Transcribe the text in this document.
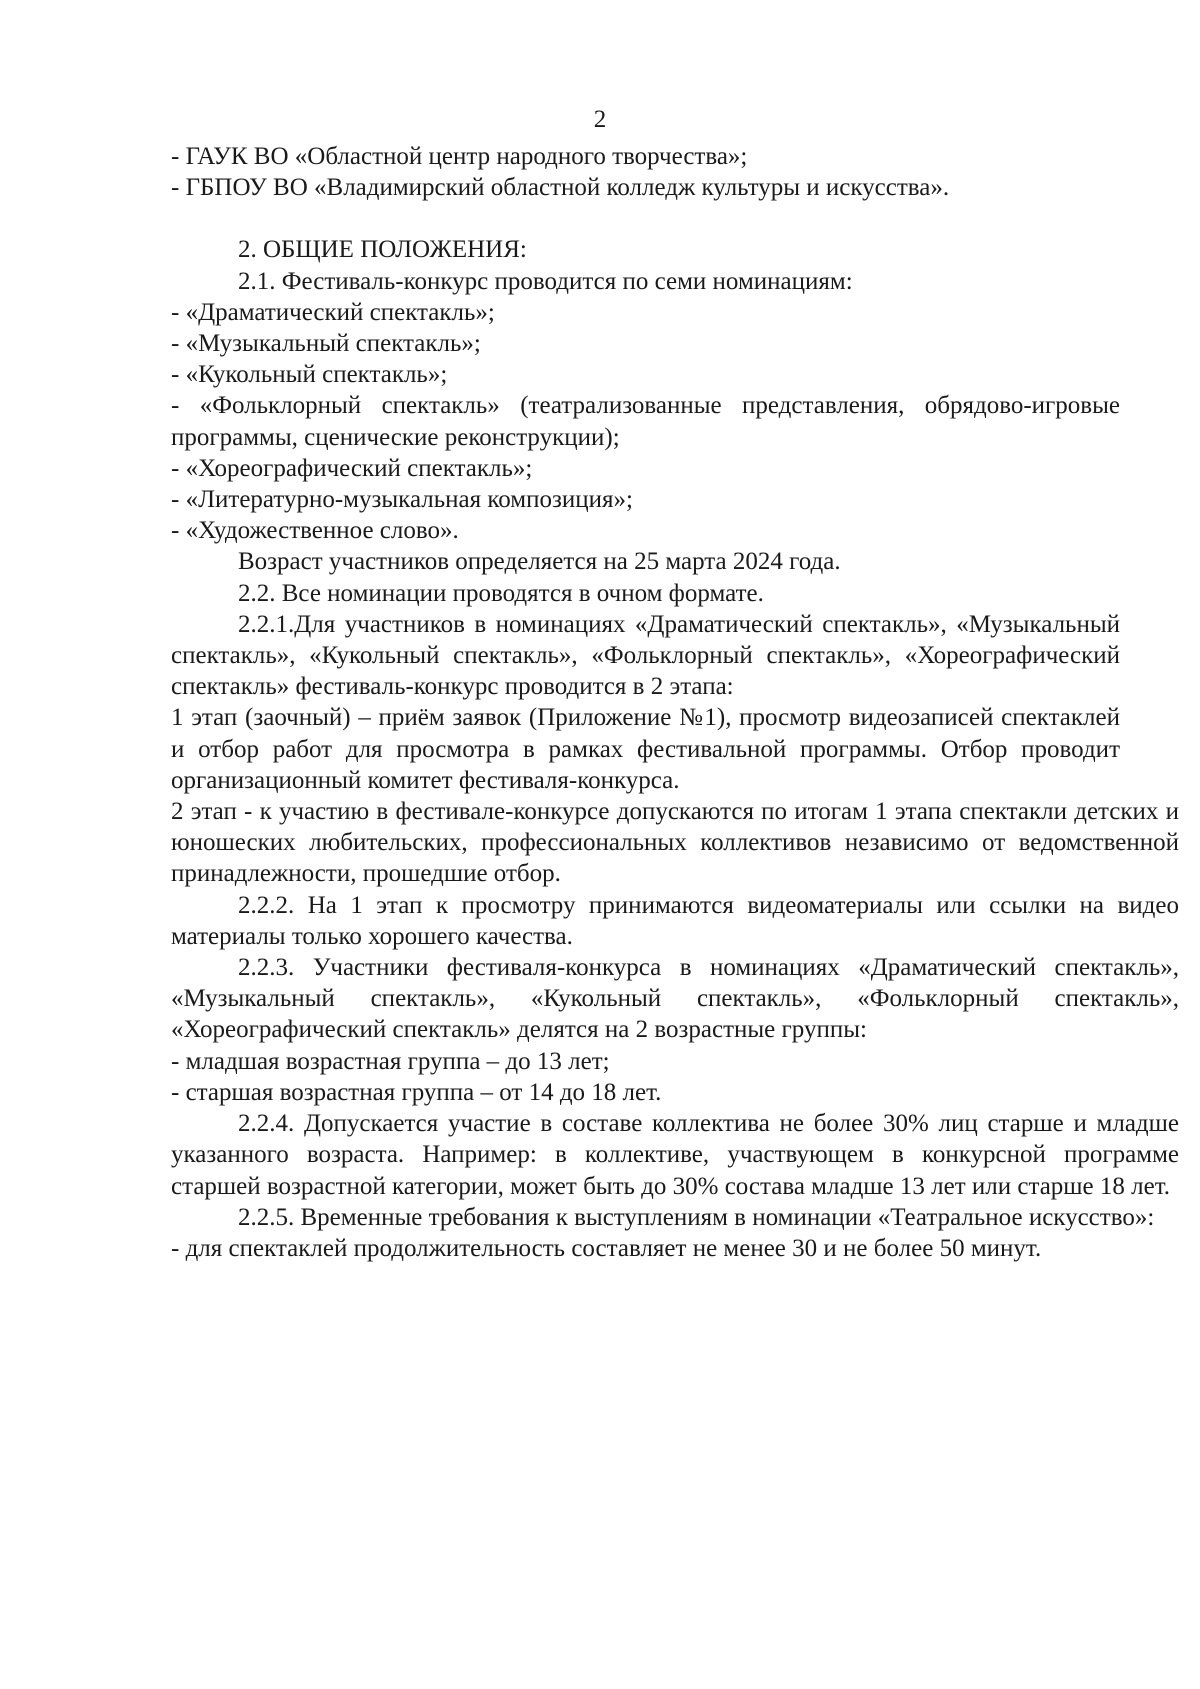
2

- ГАУК ВО «Областной центр народного творчества»;

- ГБПОУ ВО «Владимирский областной колледж культуры и искусства».

2. ОБЩИЕ ПОЛОЖЕНИЯ:

2.1. Фестиваль-конкурс проводится по семи номинациям:

- «Драматический спектакль»;

- «Музыкальный спектакль»;

- «Кукольный спектакль»;

- «Фольклорный спектакль» (театрализованные представления, обрядово-игровые программы, сценические реконструкции);

- «Хореографический спектакль»;

- «Литературно-музыкальная композиция»;

- «Художественное слово».

Возраст участников определяется на 25 марта 2024 года.

2.2. Все номинации проводятся в очном формате.

2.2.1.Для участников в номинациях «Драматический спектакль», «Музыкальный спектакль», «Кукольный спектакль», «Фольклорный спектакль», «Хореографический спектакль» фестиваль-конкурс проводится в 2 этапа:

1 этап (заочный) – приём заявок (Приложение №1), просмотр видеозаписей спектаклей и отбор работ для просмотра в рамках фестивальной программы. Отбор проводит организационный комитет фестиваля-конкурса.

2 этап - к участию в фестивале-конкурсе допускаются по итогам 1 этапа спектакли детских и юношеских любительских, профессиональных коллективов независимо от ведомственной принадлежности, прошедшие отбор.

2.2.2. На 1 этап к просмотру принимаются видеоматериалы или ссылки на видео материалы только хорошего качества.

2.2.3. Участники фестиваля-конкурса в номинациях «Драматический спектакль», «Музыкальный спектакль», «Кукольный спектакль», «Фольклорный спектакль», «Хореографический спектакль» делятся на 2 возрастные группы:

- младшая возрастная группа – до 13 лет;

- старшая возрастная группа – от 14 до 18 лет.

2.2.4. Допускается участие в составе коллектива не более 30% лиц старше и младше указанного возраста. Например: в коллективе, участвующем в конкурсной программе старшей возрастной категории, может быть до 30% состава младше 13 лет или старше 18 лет.

2.2.5. Временные требования к выступлениям в номинации «Театральное искусство»:

- для спектаклей продолжительность составляет не менее 30 и не более 50 минут.
